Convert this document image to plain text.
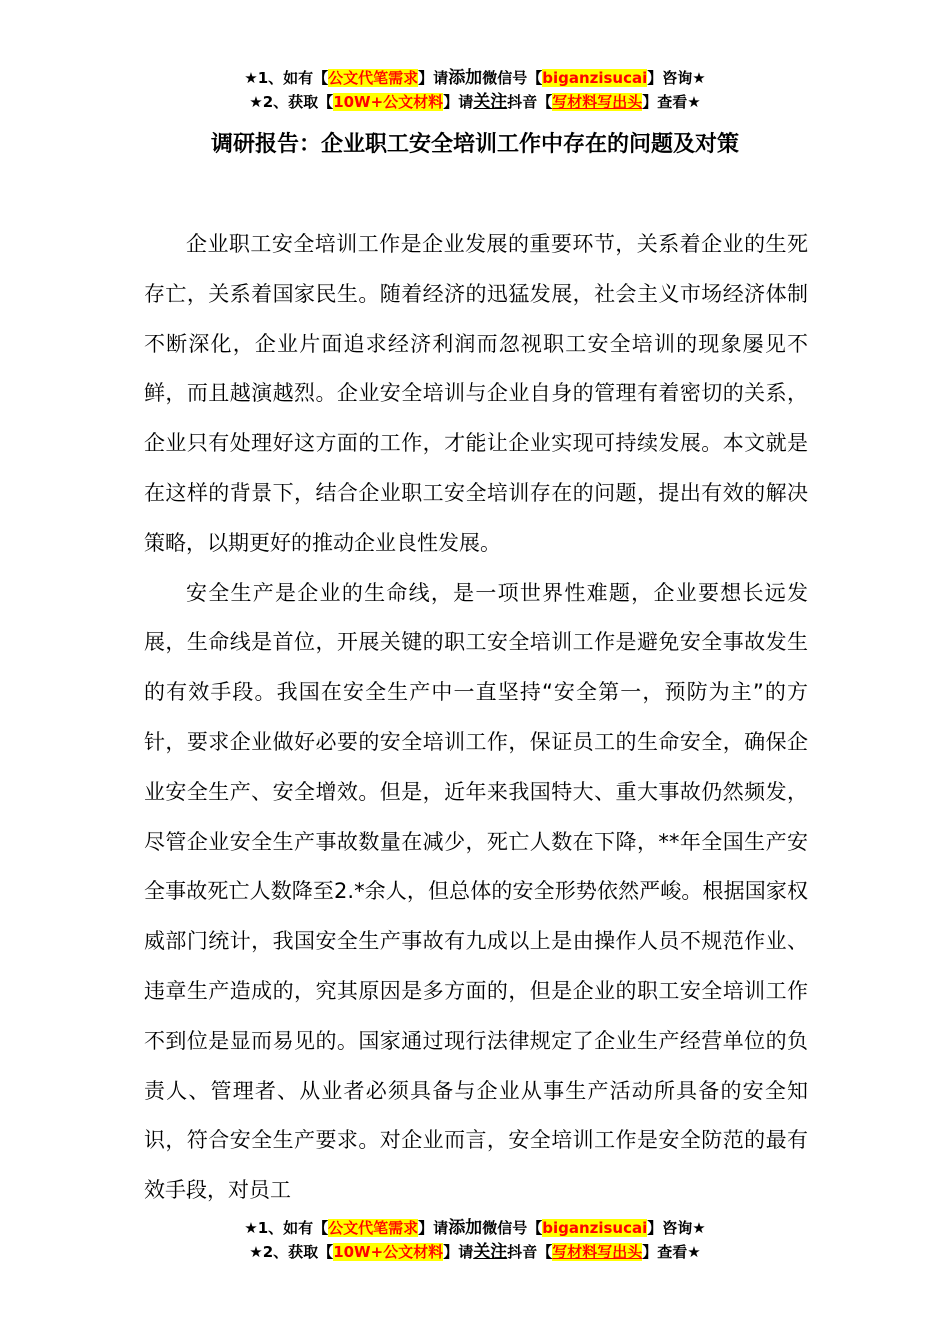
★1、如有【公文代笔需求】请添加微信号【biganzisucai】咨询★
★2、获取【10W+公文材料】请关注抖音【写材料写出头】查看★
调研报告：企业职工安全培训工作中存在的问题及对策

企业职工安全培训工作是企业发展的重要环节，关系着企业的生死存亡，关系着国家民生。随着经济的迅猛发展，社会主义市场经济体制不断深化，企业片面追求经济利润而忽视职工安全培训的现象屡见不鲜，而且越演越烈。企业安全培训与企业自身的管理有着密切的关系，企业只有处理好这方面的工作，才能让企业实现可持续发展。本文就是在这样的背景下，结合企业职工安全培训存在的问题，提出有效的解决策略，以期更好的推动企业良性发展。

安全生产是企业的生命线，是一项世界性难题，企业要想长远发展，生命线是首位，开展关键的职工安全培训工作是避免安全事故发生的有效手段。我国在安全生产中一直坚持“安全第一，预防为主”的方针，要求企业做好必要的安全培训工作，保证员工的生命安全，确保企业安全生产、安全增效。但是，近年来我国特大、重大事故仍然频发，尽管企业安全生产事故数量在减少，死亡人数在下降，**年全国生产安全事故死亡人数降至2.*余人，但总体的安全形势依然严峻。根据国家权威部门统计，我国安全生产事故有九成以上是由操作人员不规范作业、违章生产造成的，究其原因是多方面的，但是企业的职工安全培训工作不到位是显而易见的。国家通过现行法律规定了企业生产经营单位的负责人、管理者、从业者必须具备与企业从事生产活动所具备的安全知识，符合安全生产要求。对企业而言，安全培训工作是安全防范的最有效手段，对员工

★1、如有【公文代笔需求】请添加微信号【biganzisucai】咨询★
★2、获取【10W+公文材料】请关注抖音【写材料写出头】查看★
